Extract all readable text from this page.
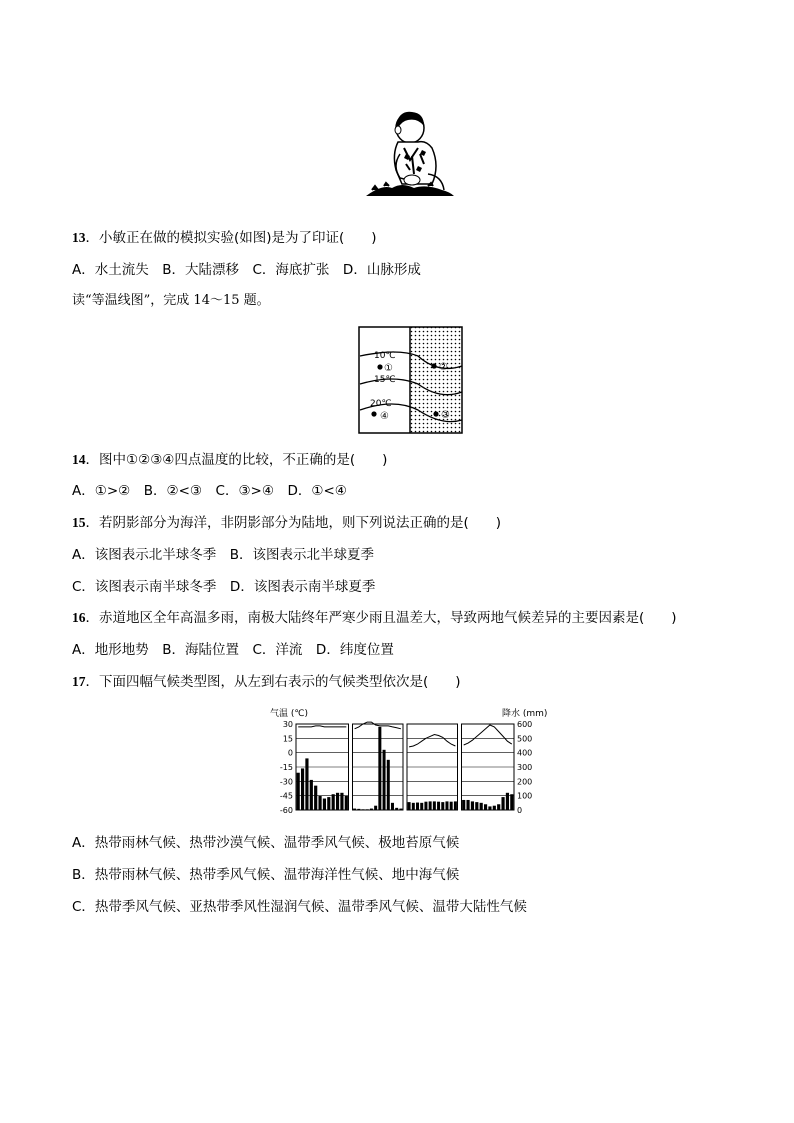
13．小敏正在做的模拟实验(如图)是为了印证(　　)
A．水土流失　B．大陆漂移　C．海底扩张　D．山脉形成
读“等温线图”，完成 14～15 题。
10℃
15℃
20℃
①	②
③
④
14．图中①②③④四点温度的比较，不正确的是(　　)
A．①>②　B．②<③　C．③>④　D．①<④
15．若阴影部分为海洋，非阴影部分为陆地，则下列说法正确的是(　　)
A．该图表示北半球冬季　B．该图表示北半球夏季
C．该图表示南半球冬季　D．该图表示南半球夏季
16．赤道地区全年高温多雨，南极大陆终年严寒少雨且温差大，导致两地气候差异的主要因素是(　　)
A．地形地势　B．海陆位置　C．洋流　D．纬度位置
17．下面四幅气候类型图，从左到右表示的气候类型依次是(　　)
气温 (℃)	降水 (mm)
30
15
0
-15
-30
-45
-60
600
500
400
300
200
100
0
A．热带雨林气候、热带沙漠气候、温带季风气候、极地苔原气候
B．热带雨林气候、热带季风气候、温带海洋性气候、地中海气候
C．热带季风气候、亚热带季风性湿润气候、温带季风气候、温带大陆性气候
